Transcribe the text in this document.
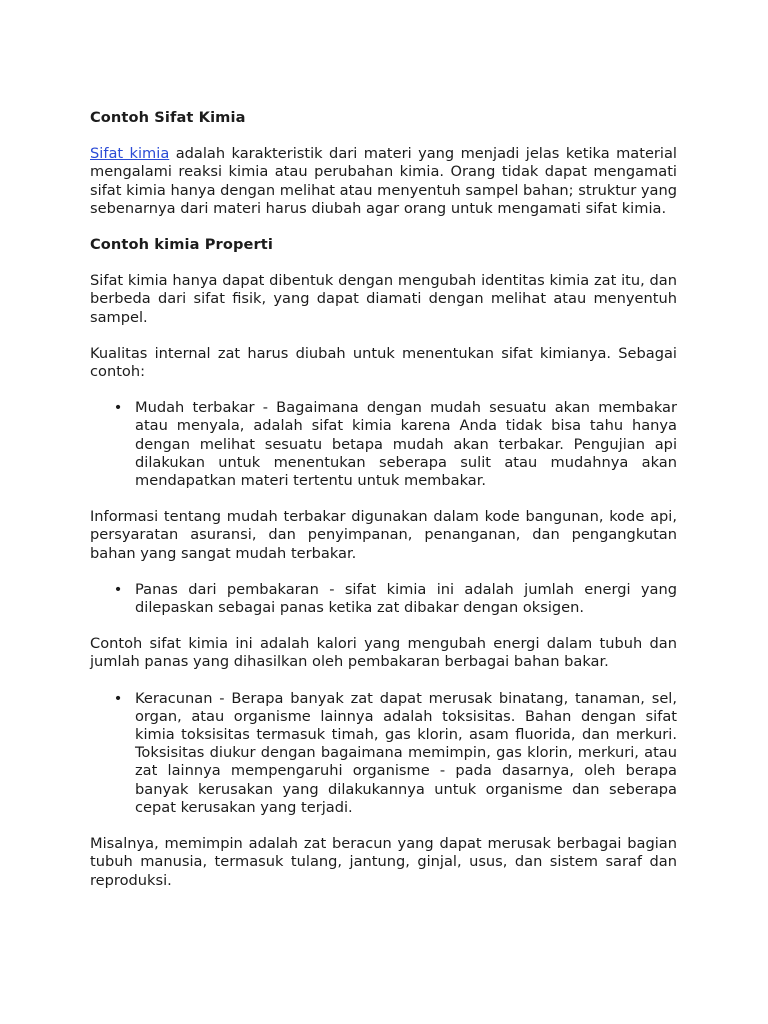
Contoh Sifat Kimia

Sifat kimia adalah karakteristik dari materi yang menjadi jelas ketika material mengalami reaksi kimia atau perubahan kimia. Orang tidak dapat mengamati sifat kimia hanya dengan melihat atau menyentuh sampel bahan; struktur yang sebenarnya dari materi harus diubah agar orang untuk mengamati sifat kimia.

Contoh kimia Properti

Sifat kimia hanya dapat dibentuk dengan mengubah identitas kimia zat itu, dan berbeda dari sifat fisik, yang dapat diamati dengan melihat atau menyentuh sampel.

Kualitas internal zat harus diubah untuk menentukan sifat kimianya. Sebagai contoh:

• Mudah terbakar - Bagaimana dengan mudah sesuatu akan membakar atau menyala, adalah sifat kimia karena Anda tidak bisa tahu hanya dengan melihat sesuatu betapa mudah akan terbakar. Pengujian api dilakukan untuk menentukan seberapa sulit atau mudahnya akan mendapatkan materi tertentu untuk membakar.

Informasi tentang mudah terbakar digunakan dalam kode bangunan, kode api, persyaratan asuransi, dan penyimpanan, penanganan, dan pengangkutan bahan yang sangat mudah terbakar.

• Panas dari pembakaran - sifat kimia ini adalah jumlah energi yang dilepaskan sebagai panas ketika zat dibakar dengan oksigen.

Contoh sifat kimia ini adalah kalori yang mengubah energi dalam tubuh dan jumlah panas yang dihasilkan oleh pembakaran berbagai bahan bakar.

• Keracunan - Berapa banyak zat dapat merusak binatang, tanaman, sel, organ, atau organisme lainnya adalah toksisitas. Bahan dengan sifat kimia toksisitas termasuk timah, gas klorin, asam fluorida, dan merkuri. Toksisitas diukur dengan bagaimana memimpin, gas klorin, merkuri, atau zat lainnya mempengaruhi organisme - pada dasarnya, oleh berapa banyak kerusakan yang dilakukannya untuk organisme dan seberapa cepat kerusakan yang terjadi.

Misalnya, memimpin adalah zat beracun yang dapat merusak berbagai bagian tubuh manusia, termasuk tulang, jantung, ginjal, usus, dan sistem saraf dan reproduksi.
